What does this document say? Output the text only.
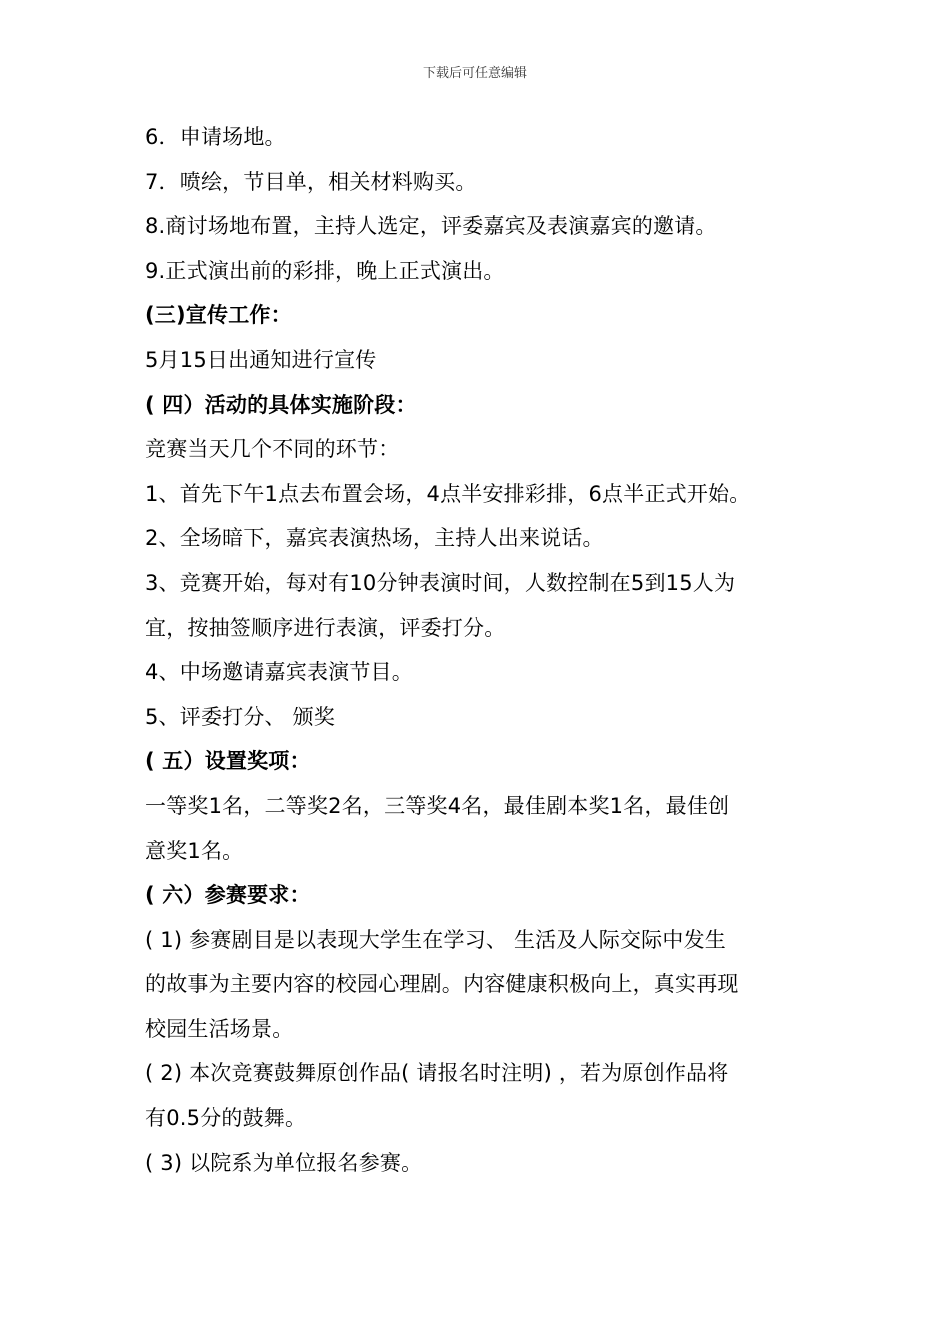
下载后可任意编辑
6．申请场地。
7．喷绘，节目单，相关材料购买。
8.商讨场地布置，主持人选定，评委嘉宾及表演嘉宾的邀请。
9.正式演出前的彩排，晚上正式演出。
(三)宣传工作：
5月15日出通知进行宣传
( 四）活动的具体实施阶段：
竞赛当天几个不同的环节：
1、首先下午1点去布置会场，4点半安排彩排，6点半正式开始。
2、全场暗下，嘉宾表演热场，主持人出来说话。
3、竞赛开始，每对有10分钟表演时间，人数控制在5到15人为
宜，按抽签顺序进行表演，评委打分。
4、中场邀请嘉宾表演节目。
5、评委打分、 颁奖
( 五）设置奖项：
一等奖1名，二等奖2名，三等奖4名，最佳剧本奖1名，最佳创
意奖1名。
( 六）参赛要求：
( 1) 参赛剧目是以表现大学生在学习、 生活及人际交际中发生
的故事为主要内容的校园心理剧。内容健康积极向上，真实再现
校园生活场景。
( 2) 本次竞赛鼓舞原创作品( 请报名时注明) ，若为原创作品将
有0.5分的鼓舞。
( 3) 以院系为单位报名参赛。
